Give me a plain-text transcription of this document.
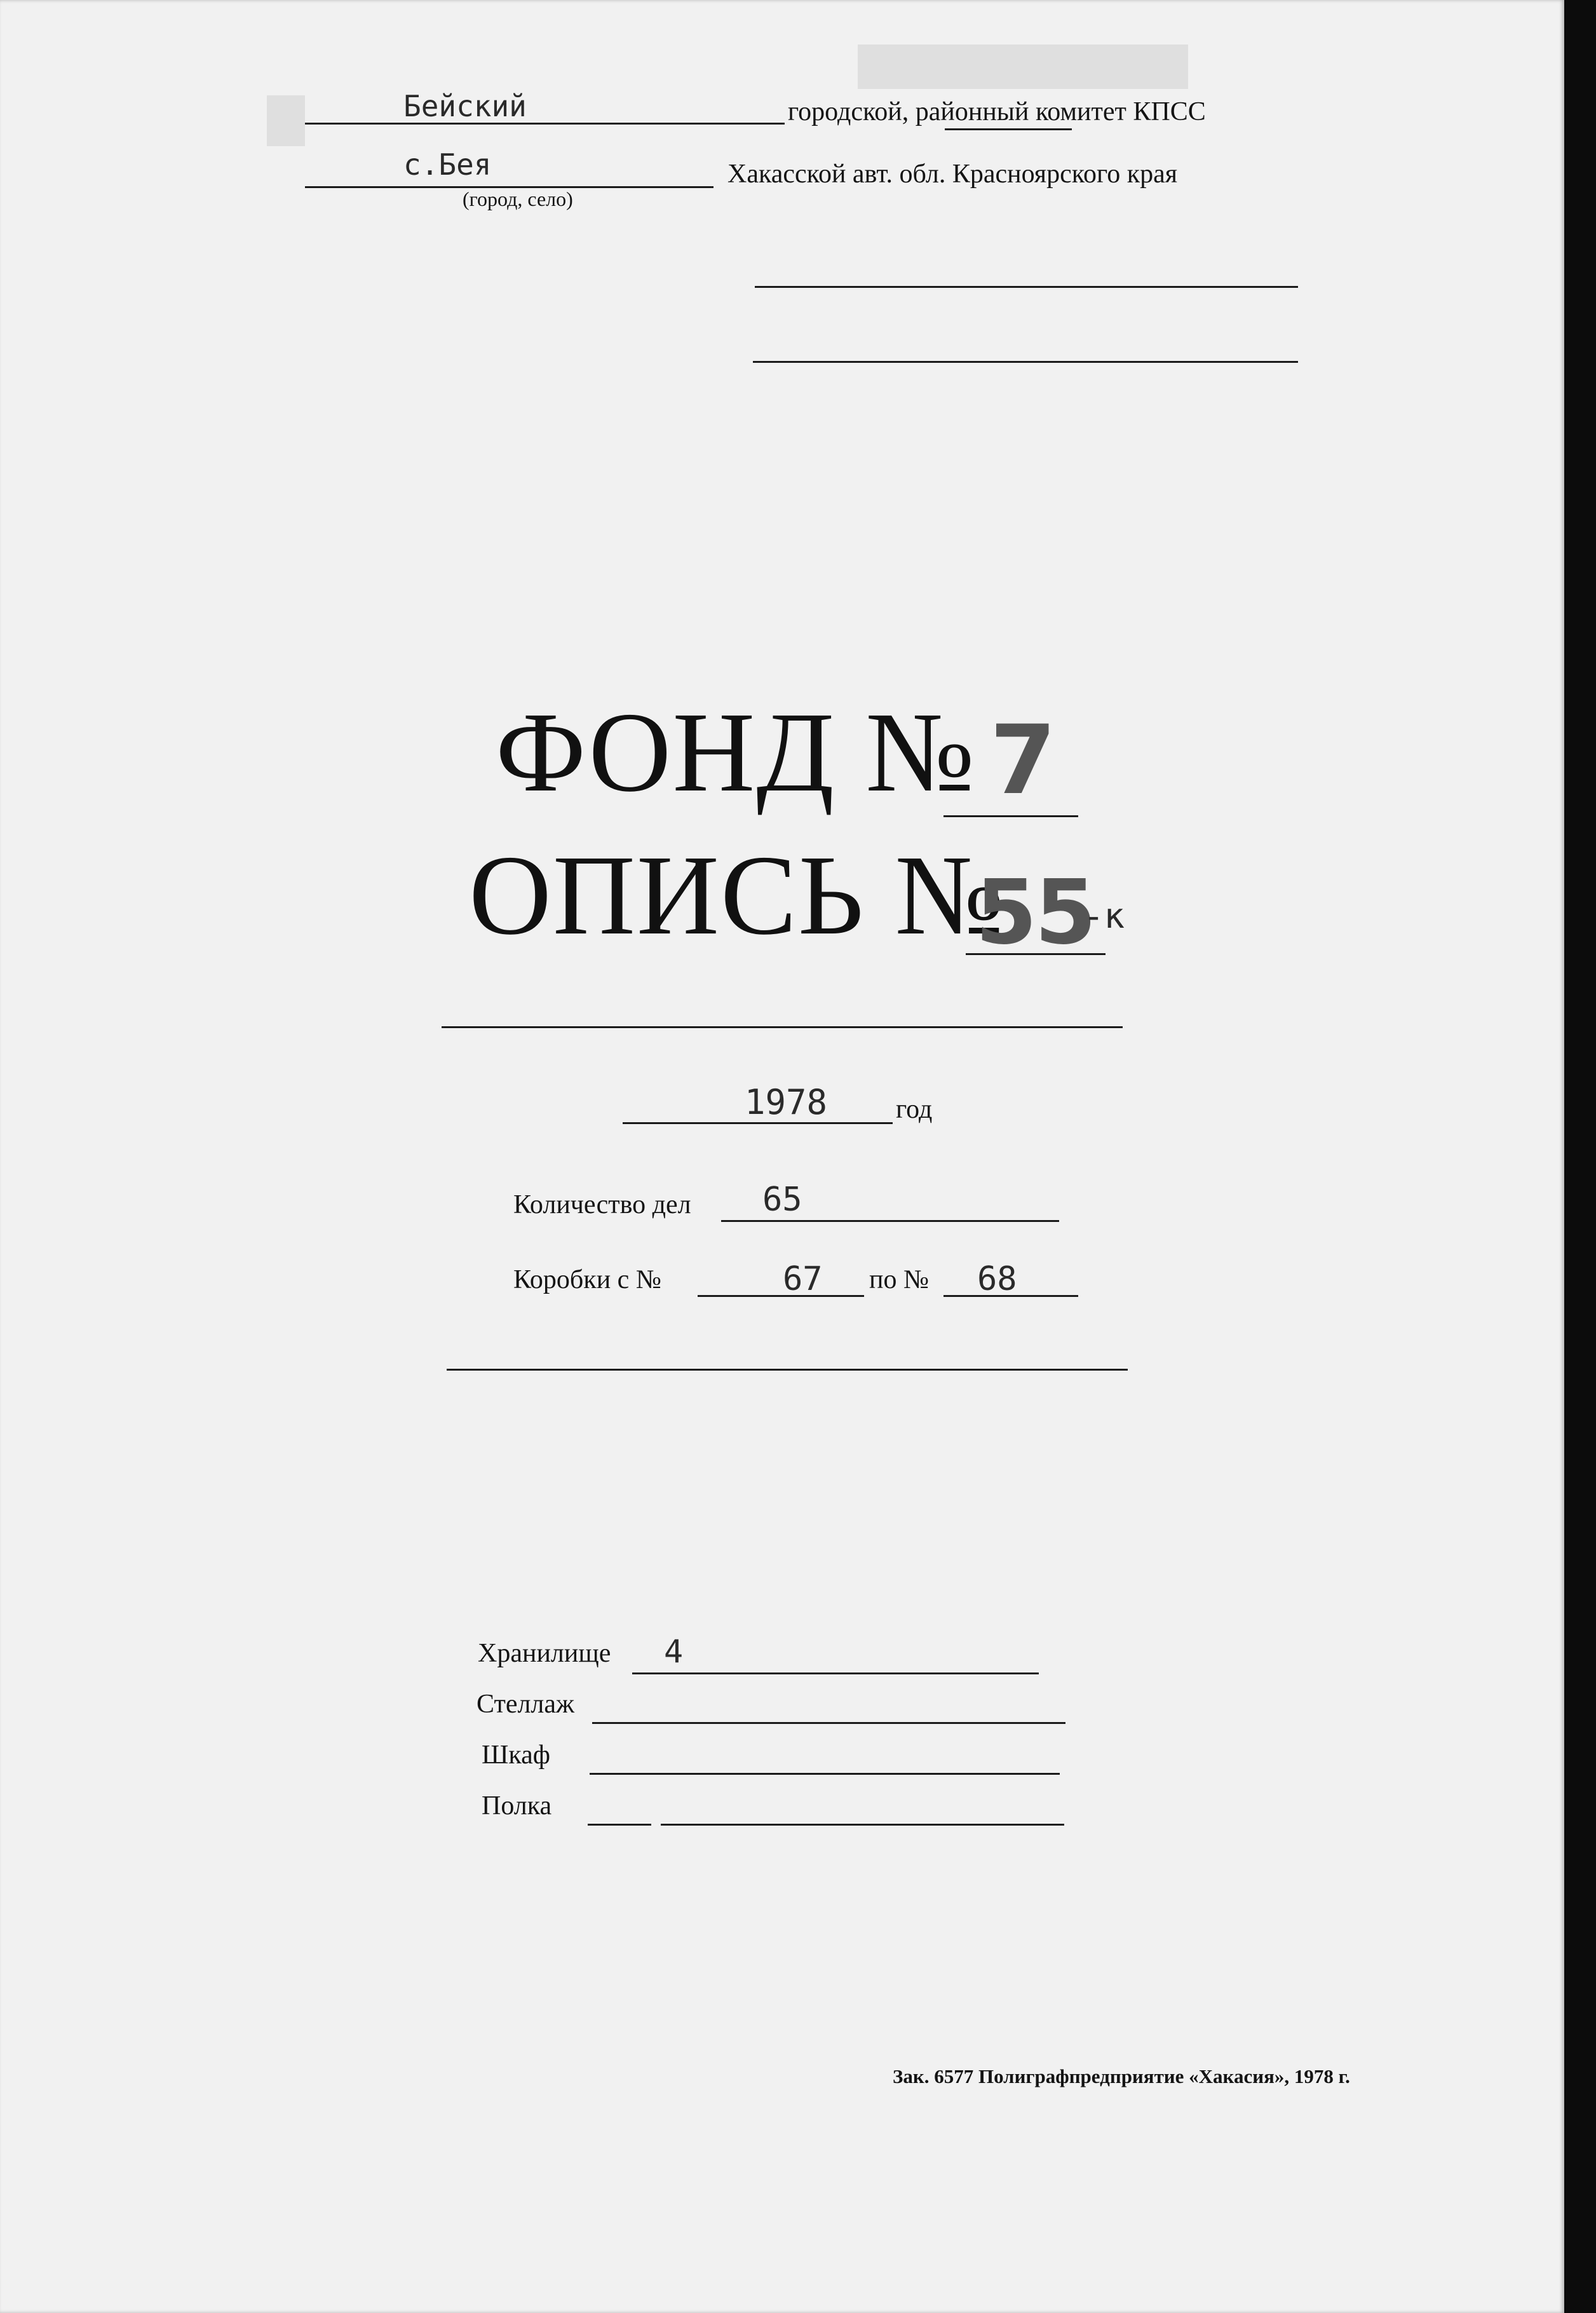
Бейский	городской, районный комитет КПСС
с.Бея	Хакасской авт. обл. Красноярского края
(город, село)
ФОНД № 7
ОПИСЬ №
55
-к
1978	год
Количество дел 65
Коробки с №	67 по № 68
Хранилище 4
Стеллаж
Шкаф
Полка
Зак. 6577 Полиграфпредприятие «Хакасия», 1978 г.
